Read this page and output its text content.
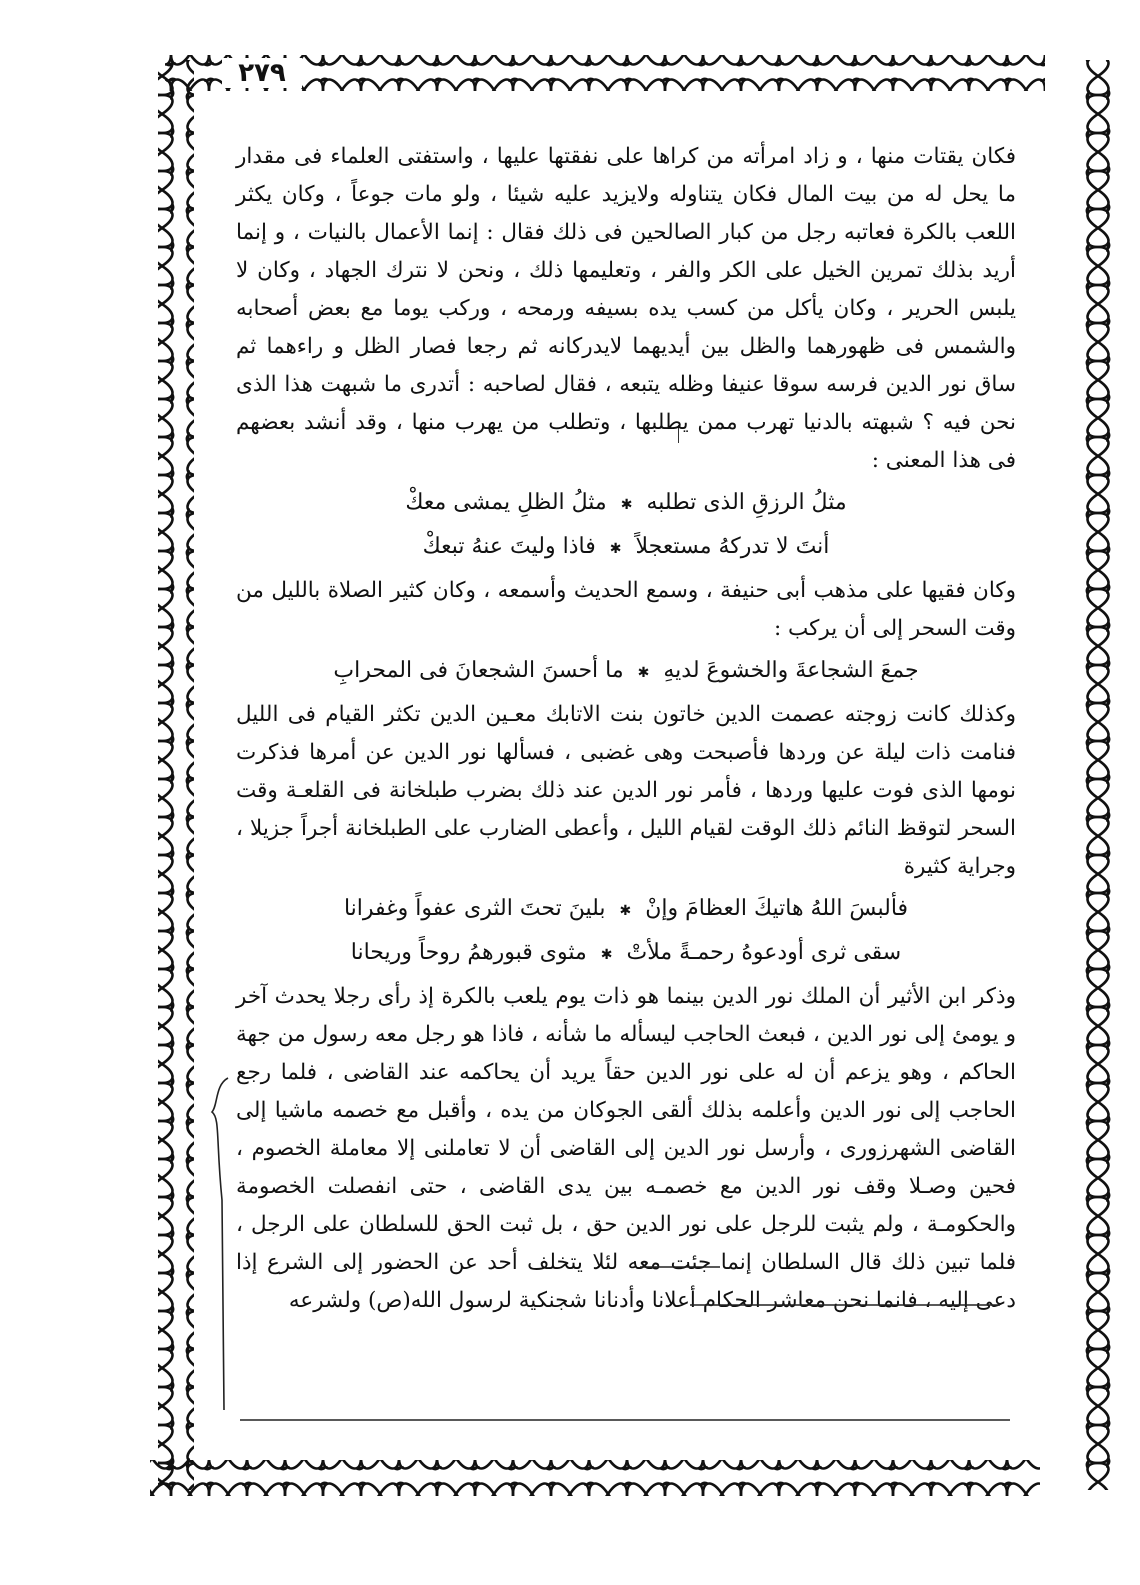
٢٧٩

فكان يقتات منها ، و زاد امرأته من كراها على نفقتها عليها ، واستفتى العلماء فى مقدار ما يحل له من بيت المال فكان يتناوله ولايزيد عليه شيئا ، ولو مات جوعاً ، وكان يكثر اللعب بالكرة فعاتبه رجل من كبار الصالحين فى ذلك فقال : إنما الأعمال بالنيات ، و إنما أريد بذلك تمرين الخيل على الكر والفر ، وتعليمها ذلك ، ونحن لا نترك الجهاد ، وكان لا يلبس الحرير ، وكان يأكل من كسب يده بسيفه ورمحه ، وركب يوما مع بعض أصحابه والشمس فى ظهورهما والظل بين أيديهما لايدركانه ثم رجعا فصار الظل و راءهما ثم ساق نور الدين فرسه سوقا عنيفا وظله يتبعه ، فقال لصاحبه : أتدرى ما شبهت هذا الذى نحن فيه ؟ شبهته بالدنيا تهرب ممن يطلبها ، وتطلب من يهرب منها ، وقد أنشد بعضهم فى هذا المعنى :

مثلُ الرزقِ الذى تطلبه
✱
مثلُ الظلِ يمشى معكْ
أنتَ لا تدركهُ مستعجلاً
✱
فاذا وليتَ عنهُ تبعكْ

وكان فقيها على مذهب أبى حنيفة ، وسمع الحديث وأسمعه ، وكان كثير الصلاة بالليل من وقت السحر إلى أن يركب :

جمعَ الشجاعةَ والخشوعَ لديهِ
✱
ما أحسنَ الشجعانَ فى المحرابِ

وكذلك كانت زوجته عصمت الدين خاتون بنت الاتابك معـين الدين تكثر القيام فى الليل فنامت ذات ليلة عن وردها فأصبحت وهى غضبى ، فسألها نور الدين عن أمرها فذكرت نومها الذى فوت عليها وردها ، فأمر نور الدين عند ذلك بضرب طبلخانة فى القلعـة وقت السحر لتوقظ النائم ذلك الوقت لقيام الليل ، وأعطى الضارب على الطبلخانة أجراً جزيلا ، وجراية كثيرة

فألبسَ اللهُ هاتيكَ العظامَ وإنْ
✱
بلينَ تحتَ الثرى عفواً وغفرانا
سقى ثرى أودعوهُ رحمـةً ملأتْ
✱
مثوى قبورهمُ روحاً وريحانا

وذكر ابن الأثير أن الملك نور الدين بينما هو ذات يوم يلعب بالكرة إذ رأى رجلا يحدث آخر و يومئ إلى نور الدين ، فبعث الحاجب ليسأله ما شأنه ، فاذا هو رجل معه رسول من جهة الحاكم ، وهو يزعم أن له على نور الدين حقاً يريد أن يحاكمه عند القاضى ، فلما رجع الحاجب إلى نور الدين وأعلمه بذلك ألقى الجوكان من يده ، وأقبل مع خصمه ماشيا إلى القاضى الشهرزورى ، وأرسل نور الدين إلى القاضى أن لا تعاملنى إلا معاملة الخصوم ، فحين وصـلا وقف نور الدين مع خصمـه بين يدى القاضى ، حتى انفصلت الخصومة والحكومـة ، ولم يثبت للرجل على نور الدين حق ، بل ثبت الحق للسلطان على الرجل ، فلما تبين ذلك قال السلطان إنما جئت معه لئلا يتخلف أحد عن الحضور إلى الشرع إذا دعى إليه ، فانما نحن معاشر الحكام أعلانا وأدنانا شجنكية لرسول الله(ص) ولشرعه
